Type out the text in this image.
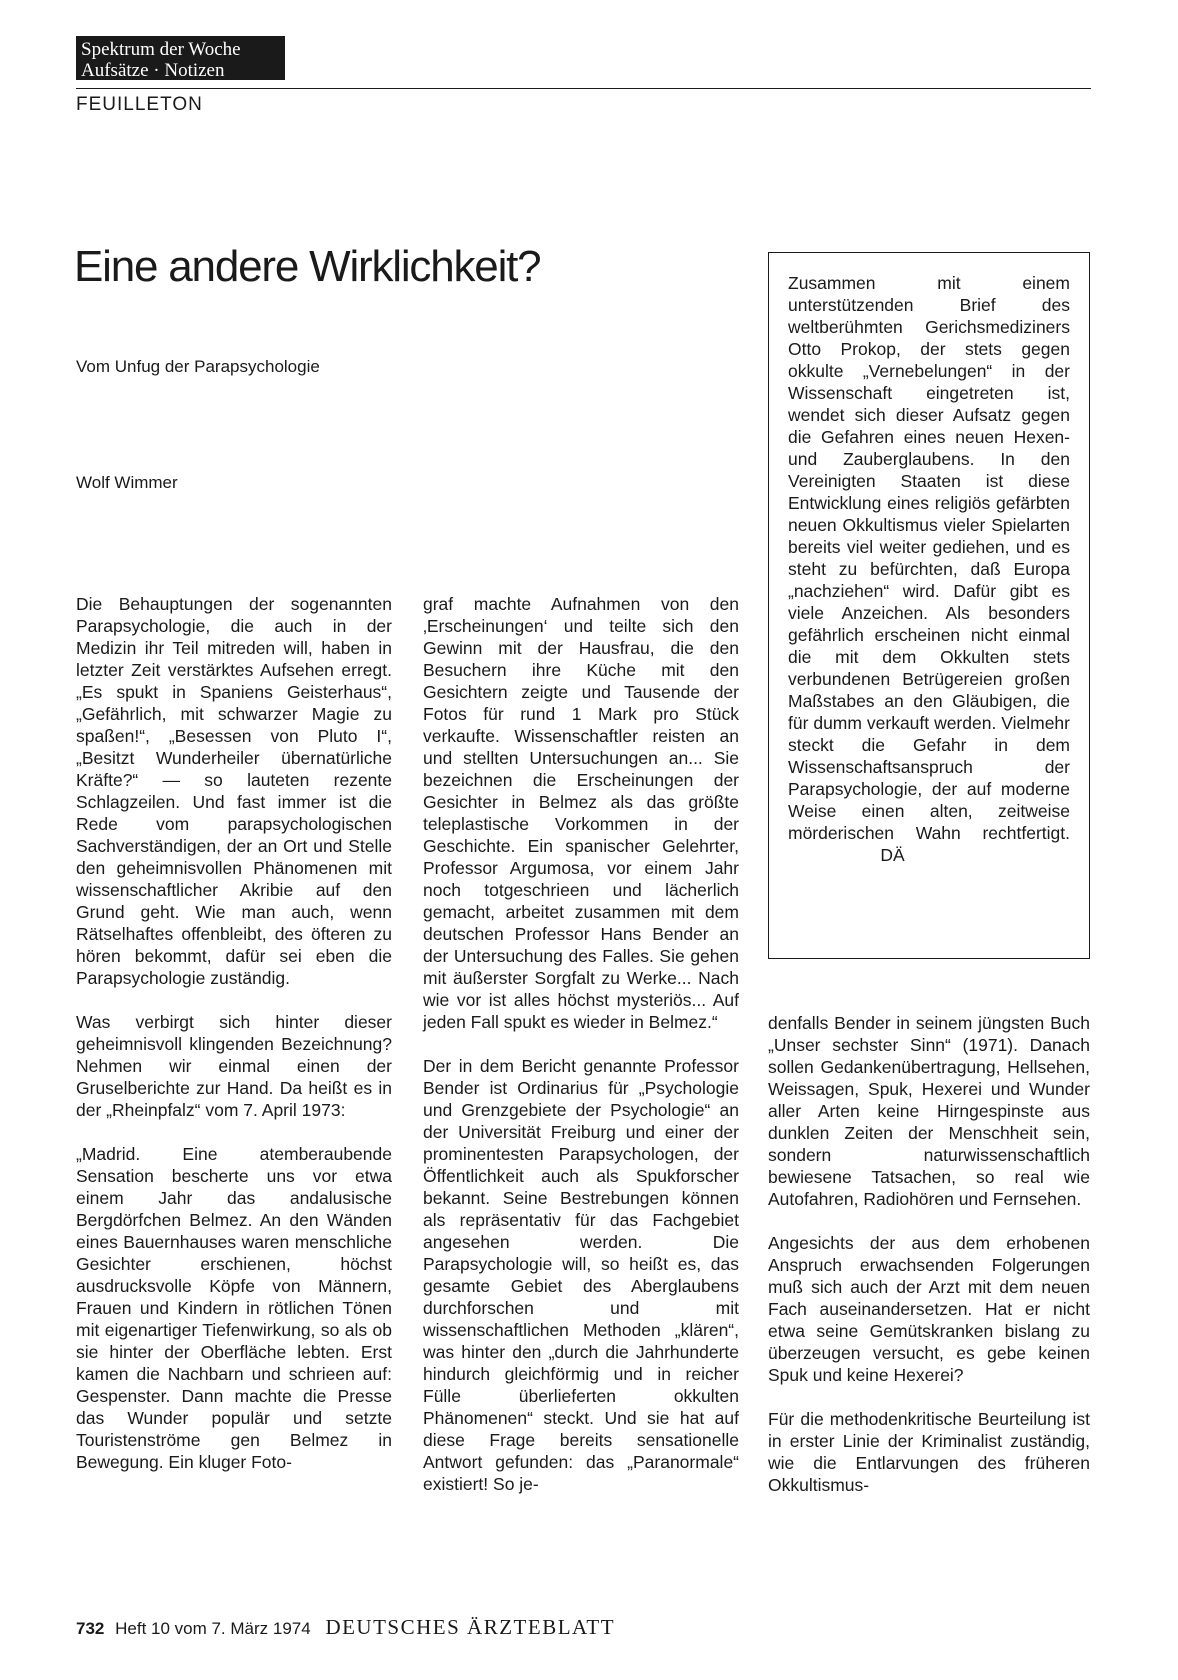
Spektrum der Woche
Aufsätze · Notizen
FEUILLETON
Eine andere Wirklichkeit?
Vom Unfug der Parapsychologie
Wolf Wimmer
Zusammen mit einem unterstützenden Brief des weltberühmten Gerichsmediziners Otto Prokop, der stets gegen okkulte „Vernebelungen“ in der Wissenschaft eingetreten ist, wendet sich dieser Aufsatz gegen die Gefahren eines neuen Hexen- und Zauberglaubens. In den Vereinigten Staaten ist diese Entwicklung eines religiös gefärbten neuen Okkultismus vieler Spielarten bereits viel weiter gediehen, und es steht zu befürchten, daß Europa „nachziehen“ wird. Dafür gibt es viele Anzeichen. Als besonders gefährlich erscheinen nicht einmal die mit dem Okkulten stets verbundenen Betrügereien großen Maßstabes an den Gläubigen, die für dumm verkauft werden. Vielmehr steckt die Gefahr in dem Wissenschaftsanspruch der Parapsychologie, der auf moderne Weise einen alten, zeitweise mörderischen Wahn rechtfertigt.       DÄ

Die Behauptungen der sogenannten Parapsychologie, die auch in der Medizin ihr Teil mitreden will, haben in letzter Zeit verstärktes Aufsehen erregt. „Es spukt in Spaniens Geisterhaus“, „Gefährlich, mit schwarzer Magie zu spaßen!“, „Besessen von Pluto I“, „Besitzt Wunderheiler übernatürliche Kräfte?“ — so lauteten rezente Schlagzeilen. Und fast immer ist die Rede vom parapsychologischen Sachverständigen, der an Ort und Stelle den geheimnisvollen Phänomenen mit wissenschaftlicher Akribie auf den Grund geht. Wie man auch, wenn Rätselhaftes offenbleibt, des öfteren zu hören bekommt, dafür sei eben die Parapsychologie zuständig.

Was verbirgt sich hinter dieser geheimnisvoll klingenden Bezeichnung? Nehmen wir einmal einen der Gruselberichte zur Hand. Da heißt es in der „Rheinpfalz“ vom 7. April 1973:

„Madrid. Eine atemberaubende Sensation bescherte uns vor etwa einem Jahr das andalusische Bergdörfchen Belmez. An den Wänden eines Bauernhauses waren menschliche Gesichter erschienen, höchst ausdrucksvolle Köpfe von Männern, Frauen und Kindern in rötlichen Tönen mit eigenartiger Tiefenwirkung, so als ob sie hinter der Oberfläche lebten. Erst kamen die Nachbarn und schrieen auf: Gespenster. Dann machte die Presse das Wunder populär und setzte Touristenströme gen Belmez in Bewegung. Ein kluger Foto-

graf machte Aufnahmen von den ‚Erscheinungen‘ und teilte sich den Gewinn mit der Hausfrau, die den Besuchern ihre Küche mit den Gesichtern zeigte und Tausende der Fotos für rund 1 Mark pro Stück verkaufte. Wissenschaftler reisten an und stellten Untersuchungen an... Sie bezeichnen die Erscheinungen der Gesichter in Belmez als das größte teleplastische Vorkommen in der Geschichte. Ein spanischer Gelehrter, Professor Argumosa, vor einem Jahr noch totgeschrieen und lächerlich gemacht, arbeitet zusammen mit dem deutschen Professor Hans Bender an der Untersuchung des Falles. Sie gehen mit äußerster Sorgfalt zu Werke... Nach wie vor ist alles höchst mysteriös... Auf jeden Fall spukt es wieder in Belmez.“

Der in dem Bericht genannte Professor Bender ist Ordinarius für „Psychologie und Grenzgebiete der Psychologie“ an der Universität Freiburg und einer der prominentesten Parapsychologen, der Öffentlichkeit auch als Spukforscher bekannt. Seine Bestrebungen können als repräsentativ für das Fachgebiet angesehen werden. Die Parapsychologie will, so heißt es, das gesamte Gebiet des Aberglaubens durchforschen und mit wissenschaftlichen Methoden „klären“, was hinter den „durch die Jahrhunderte hindurch gleichförmig und in reicher Fülle überlieferten okkulten Phänomenen“ steckt. Und sie hat auf diese Frage bereits sensationelle Antwort gefunden: das „Paranormale“ existiert! So je-

denfalls Bender in seinem jüngsten Buch „Unser sechster Sinn“ (1971). Danach sollen Gedankenübertragung, Hellsehen, Weissagen, Spuk, Hexerei und Wunder aller Arten keine Hirngespinste aus dunklen Zeiten der Menschheit sein, sondern naturwissenschaftlich bewiesene Tatsachen, so real wie Autofahren, Radiohören und Fernsehen.

Angesichts der aus dem erhobenen Anspruch erwachsenden Folgerungen muß sich auch der Arzt mit dem neuen Fach auseinandersetzen. Hat er nicht etwa seine Gemütskranken bislang zu überzeugen versucht, es gebe keinen Spuk und keine Hexerei?

Für die methodenkritische Beurteilung ist in erster Linie der Kriminalist zuständig, wie die Entlarvungen des früheren Okkultismus-

732 Heft 10 vom 7. März 1974 DEUTSCHES ÄRZTEBLATT
